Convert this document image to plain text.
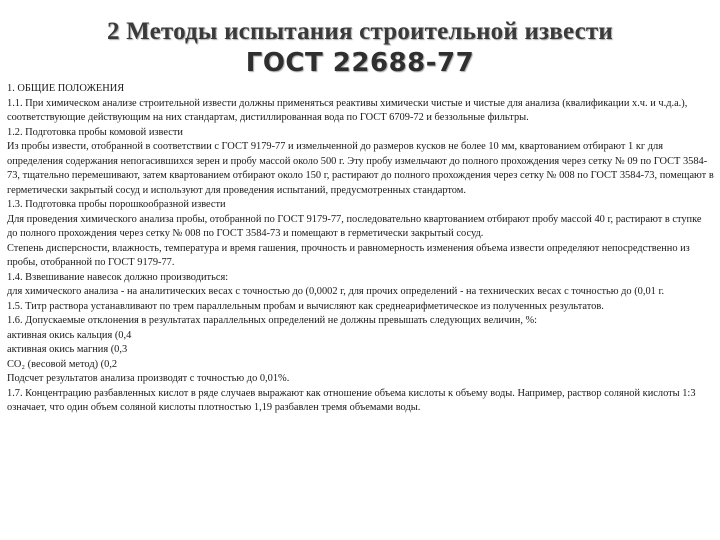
2 Методы испытания строительной извести
ГОСТ 22688-77

1. ОБЩИЕ ПОЛОЖЕНИЯ

1.1. При химическом анализе строительной извести должны применяться реактивы химически чистые и чистые для анализа (квалификации х.ч. и ч.д.а.), соответствующие действующим на них стандартам, дистиллированная вода по ГОСТ 6709-72 и беззольные фильтры.

1.2. Подготовка пробы комовой извести

Из пробы извести, отобранной в соответствии с ГОСТ 9179-77 и измельченной до размеров кусков не более 10 мм, квартованием отбирают 1 кг для определения содержания непогасившихся зерен и пробу массой около 500 г. Эту пробу измельчают до полного прохождения через сетку № 09 по ГОСТ 3584-73, тщательно перемешивают, затем квартованием отбирают около 150 г, растирают до полного прохождения через сетку № 008 по ГОСТ 3584-73, помещают в герметически закрытый сосуд и используют для проведения испытаний, предусмотренных стандартом.

1.3. Подготовка пробы порошкообразной извести

Для проведения химического анализа пробы, отобранной по ГОСТ 9179-77, последовательно квартованием отбирают пробу массой 40 г, растирают в ступке до полного прохождения через сетку № 008 по ГОСТ 3584-73 и помещают в герметически закрытый сосуд.

Степень дисперсности, влажность, температура и время гашения, прочность и равномерность изменения объема извести определяют непосредственно из пробы, отобранной по ГОСТ 9179-77.

1.4. Взвешивание навесок должно производиться:

для химического анализа - на аналитических весах с точностью до (0,0002 г, для прочих определений - на технических весах с точностью до (0,01 г.

1.5. Титр раствора устанавливают по трем параллельным пробам и вычисляют как среднеарифметическое из полученных результатов.

1.6. Допускаемые отклонения в результатах параллельных определений не должны превышать следующих величин, %:

активная окись кальция (0,4

активная окись магния (0,3

CO₂ (весовой метод) (0,2

Подсчет результатов анализа производят с точностью до 0,01%.

1.7. Концентрацию разбавленных кислот в ряде случаев выражают как отношение объема кислоты к объему воды. Например, раствор соляной кислоты 1:3 означает, что один объем соляной кислоты плотностью 1,19 разбавлен тремя объемами воды.
